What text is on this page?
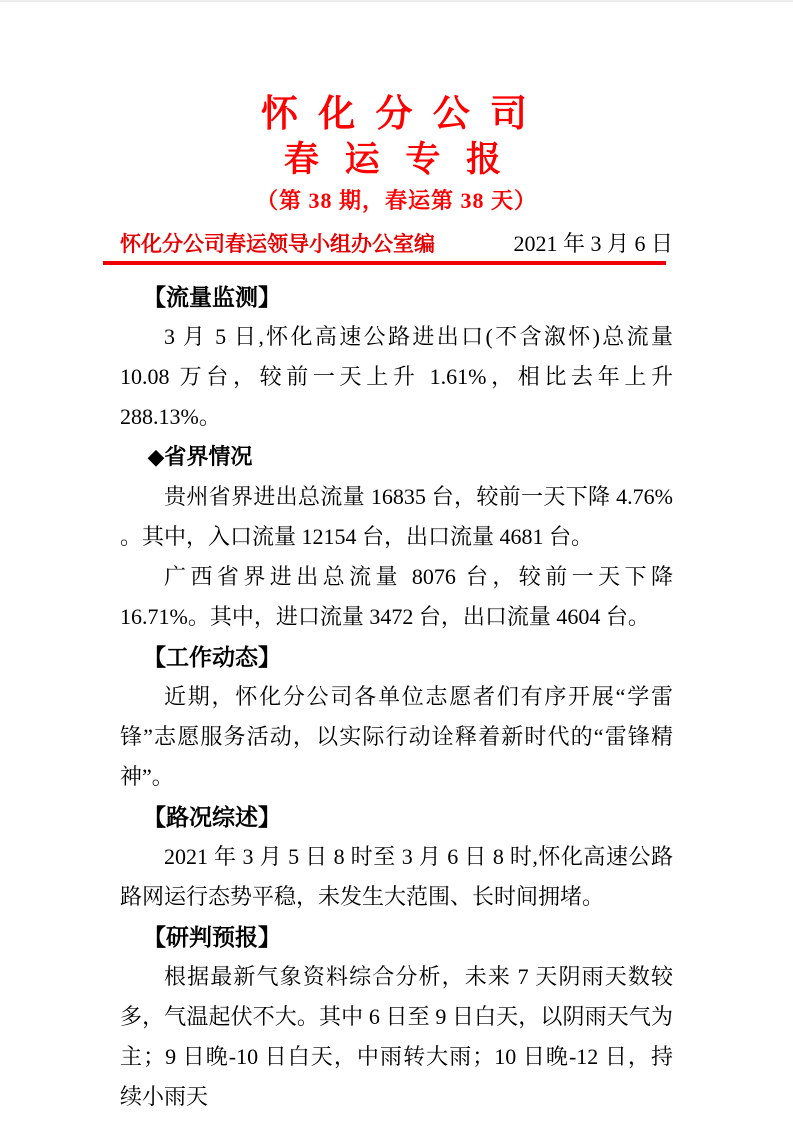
怀 化 分 公 司
春 运 专 报
（第 38 期，春运第 38 天）
怀化分公司春运领导小组办公室编	2021 年 3 月 6 日
【流量监测】

3 月 5 日,怀化高速公路进出口(不含溆怀)总流量 10.08 万台，较前一天上升 1.61%，相比去年上升 288.13%。

◆省界情况

贵州省界进出总流量 16835 台，较前一天下降 4.76% 。其中，入口流量 12154 台，出口流量 4681 台。

广西省界进出总流量 8076 台，较前一天下降 16.71%。其中，进口流量 3472 台，出口流量 4604 台。

【工作动态】

近期，怀化分公司各单位志愿者们有序开展“学雷锋”志愿服务活动，以实际行动诠释着新时代的“雷锋精神”。

【路况综述】

2021 年 3 月 5 日 8 时至 3 月 6 日 8 时,怀化高速公路路网运行态势平稳，未发生大范围、长时间拥堵。

【研判预报】

根据最新气象资料综合分析，未来 7 天阴雨天数较多，气温起伏不大。其中 6 日至 9 日白天，以阴雨天气为主；9 日晚-10 日白天，中雨转大雨；10 日晚-12 日，持续小雨天
